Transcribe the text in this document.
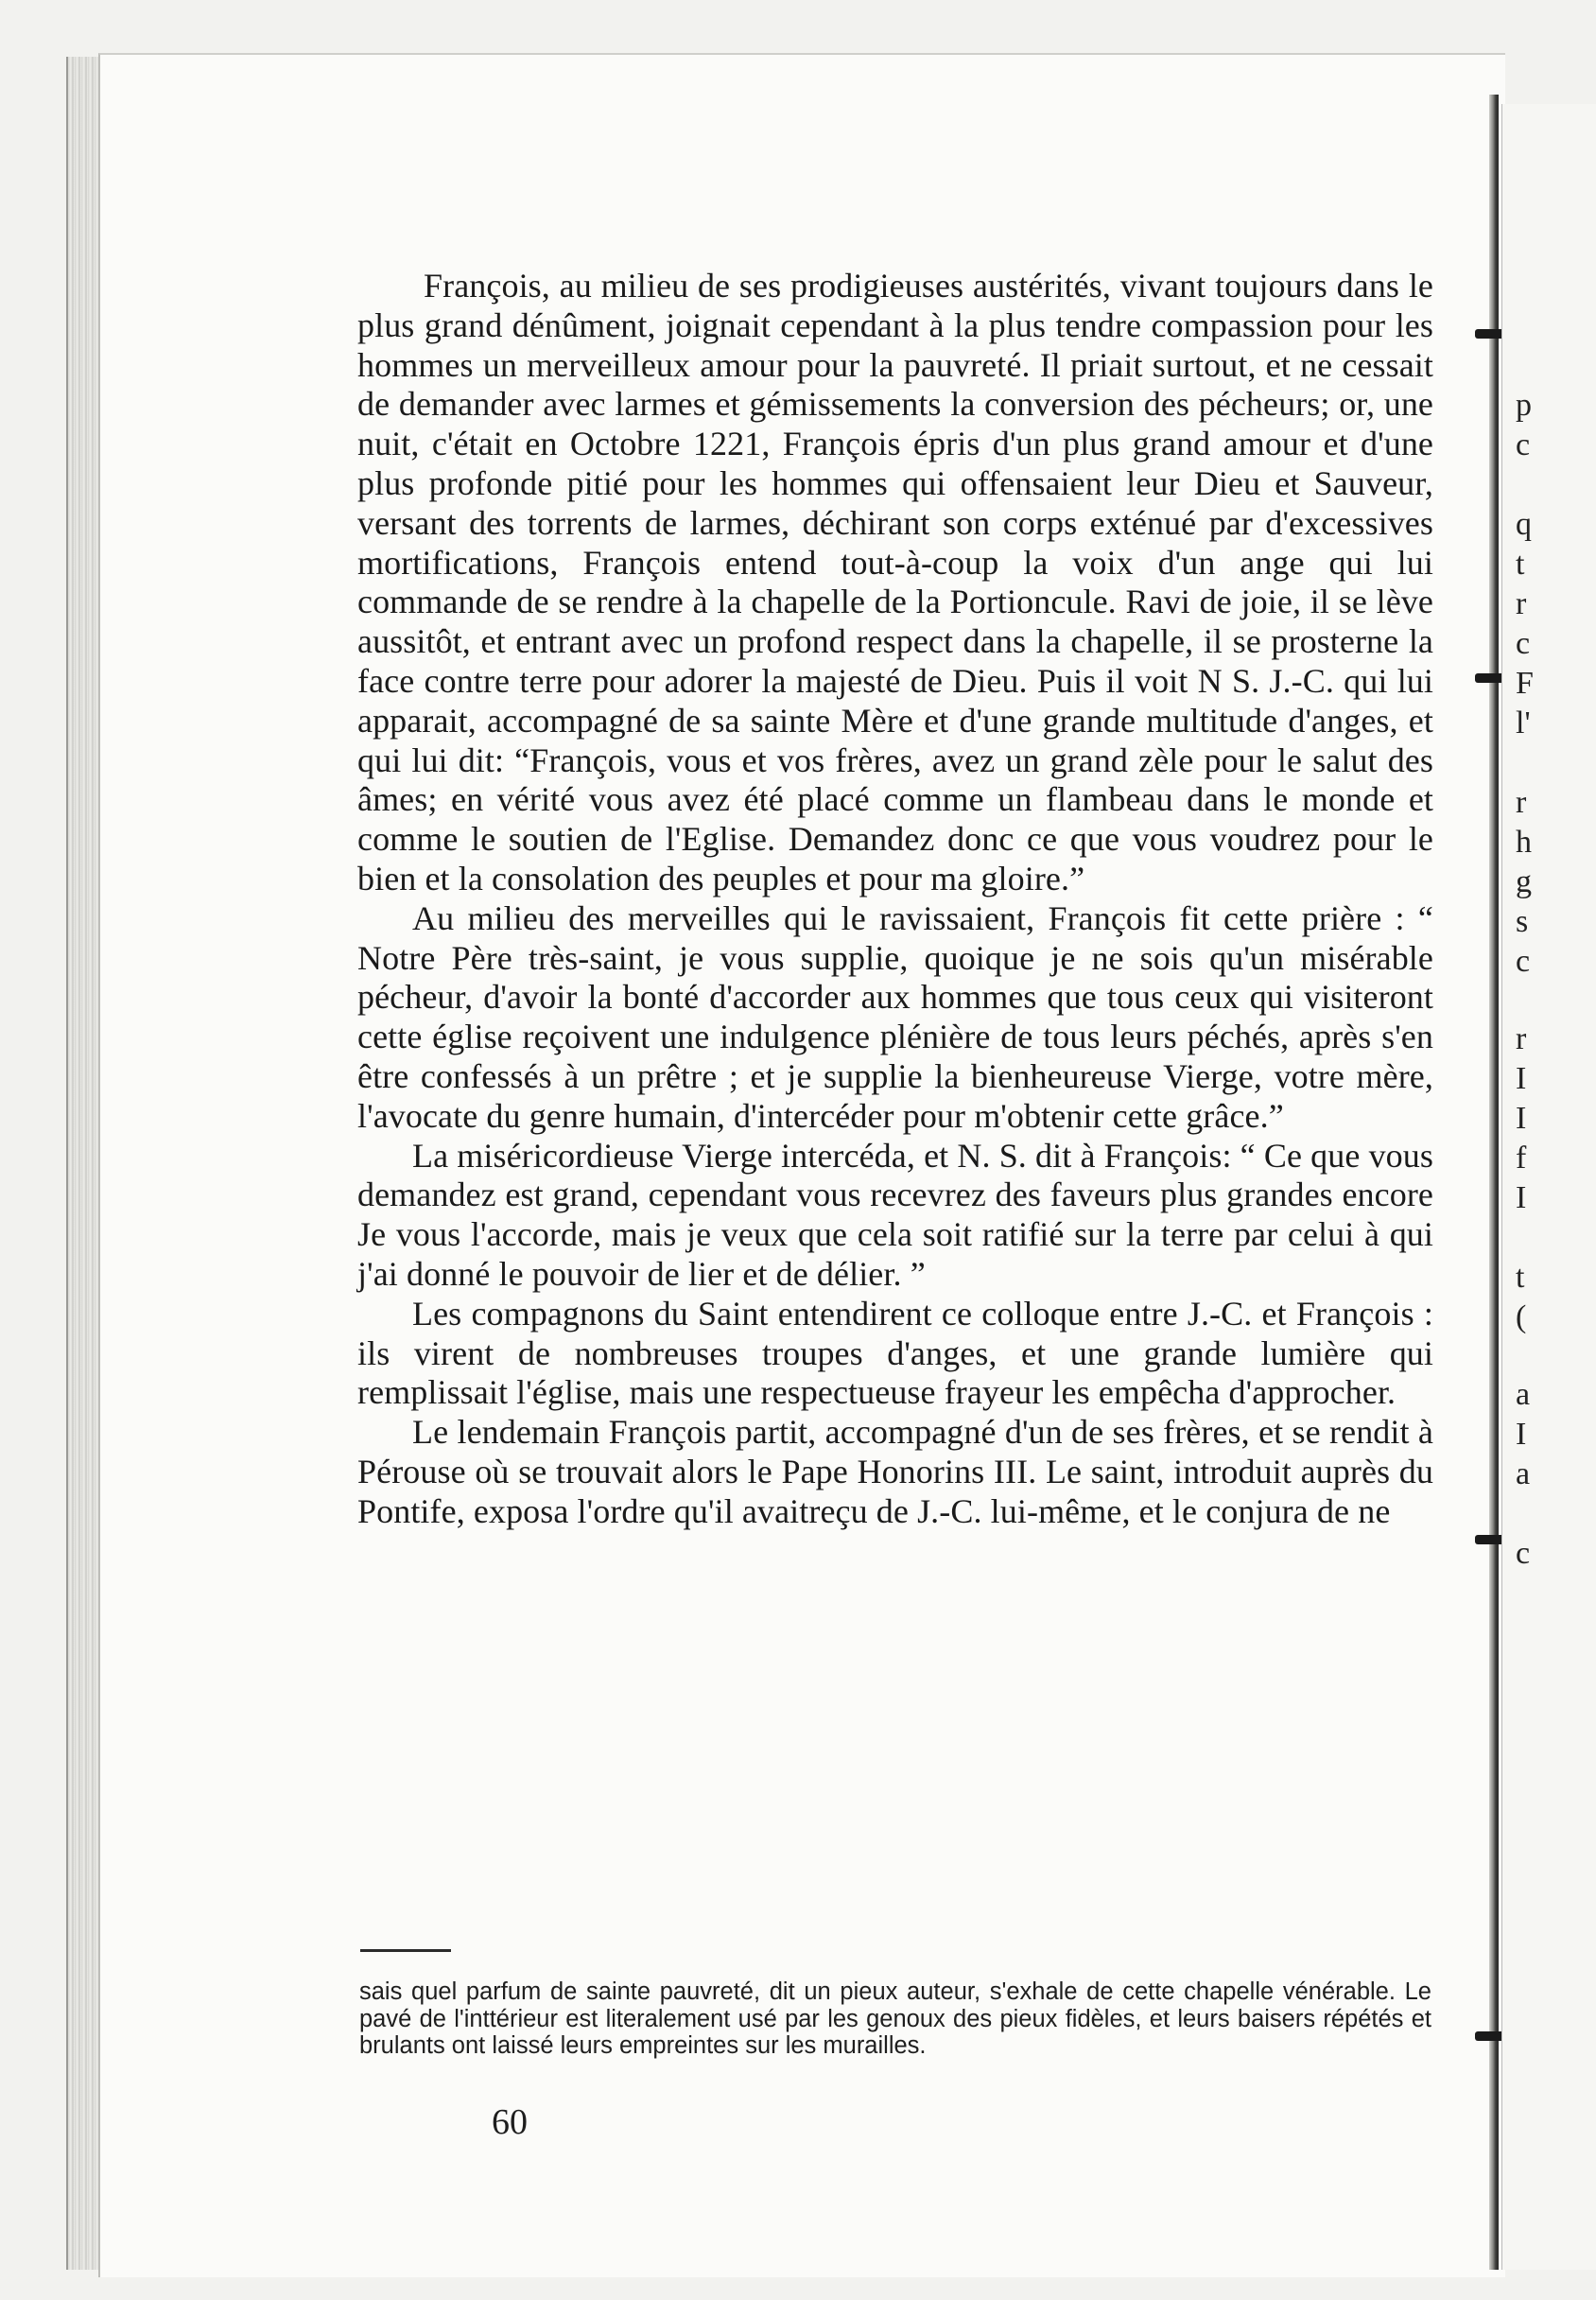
p
c
q
t
r
c
F
l'
r
h
g
s
c
r
I
I
f
I
t
(
a
I
a
c

François, au milieu de ses prodigieuses austérités, vivant toujours dans le plus grand dénûment, joignait cependant à la plus tendre compassion pour les hommes un merveilleux amour pour la pauvreté. Il priait surtout, et ne cessait de demander avec larmes et gémissements la conversion des pécheurs; or, une nuit, c'était en Octobre 1221, François épris d'un plus grand amour et d'une plus profonde pitié pour les hommes qui offensaient leur Dieu et Sauveur, versant des torrents de larmes, déchirant son corps exténué par d'excessives mortifications, François entend tout-à-coup la voix d'un ange qui lui commande de se rendre à la chapelle de la Portioncule. Ravi de joie, il se lève aussitôt, et entrant avec un profond respect dans la chapelle, il se prosterne la face contre terre pour adorer la majesté de Dieu. Puis il voit N S. J.-C. qui lui apparait, accompagné de sa sainte Mère et d'une grande multitude d'anges, et qui lui dit: “François, vous et vos frères, avez un grand zèle pour le salut des âmes; en vérité vous avez été placé comme un flambeau dans le monde et comme le soutien de l'Eglise. Demandez donc ce que vous voudrez pour le bien et la consolation des peuples et pour ma gloire.”

Au milieu des merveilles qui le ravissaient, François fit cette prière : “ Notre Père très-saint, je vous supplie, quoique je ne sois qu'un misérable pécheur, d'avoir la bonté d'accorder aux hommes que tous ceux qui visiteront cette église reçoivent une indulgence plénière de tous leurs péchés, après s'en être confessés à un prêtre ; et je supplie la bienheureuse Vierge, votre mère, l'avocate du genre humain, d'intercéder pour m'obtenir cette grâce.”

La miséricordieuse Vierge intercéda, et N. S. dit à François: “ Ce que vous demandez est grand, cependant vous recevrez des faveurs plus grandes encore Je vous l'accorde, mais je veux que cela soit ratifié sur la terre par celui à qui j'ai donné le pouvoir de lier et de délier. ”

Les compagnons du Saint entendirent ce colloque entre J.-C. et François : ils virent de nombreuses troupes d'anges, et une grande lumière qui remplissait l'église, mais une respectueuse frayeur les empêcha d'approcher.

Le lendemain François partit, accompagné d'un de ses frères, et se rendit à Pérouse où se trouvait alors le Pape Honorins III. Le saint, introduit auprès du Pontife, exposa l'ordre qu'il avaitreçu de J.-C. lui-même, et le conjura de ne

sais quel parfum de sainte pauvreté, dit un pieux auteur, s'exhale de cette chapelle vénérable. Le pavé de l'inttérieur est literalement usé par les genoux des pieux fidèles, et leurs baisers répétés et brulants ont laissé leurs empreintes sur les murailles.
60
